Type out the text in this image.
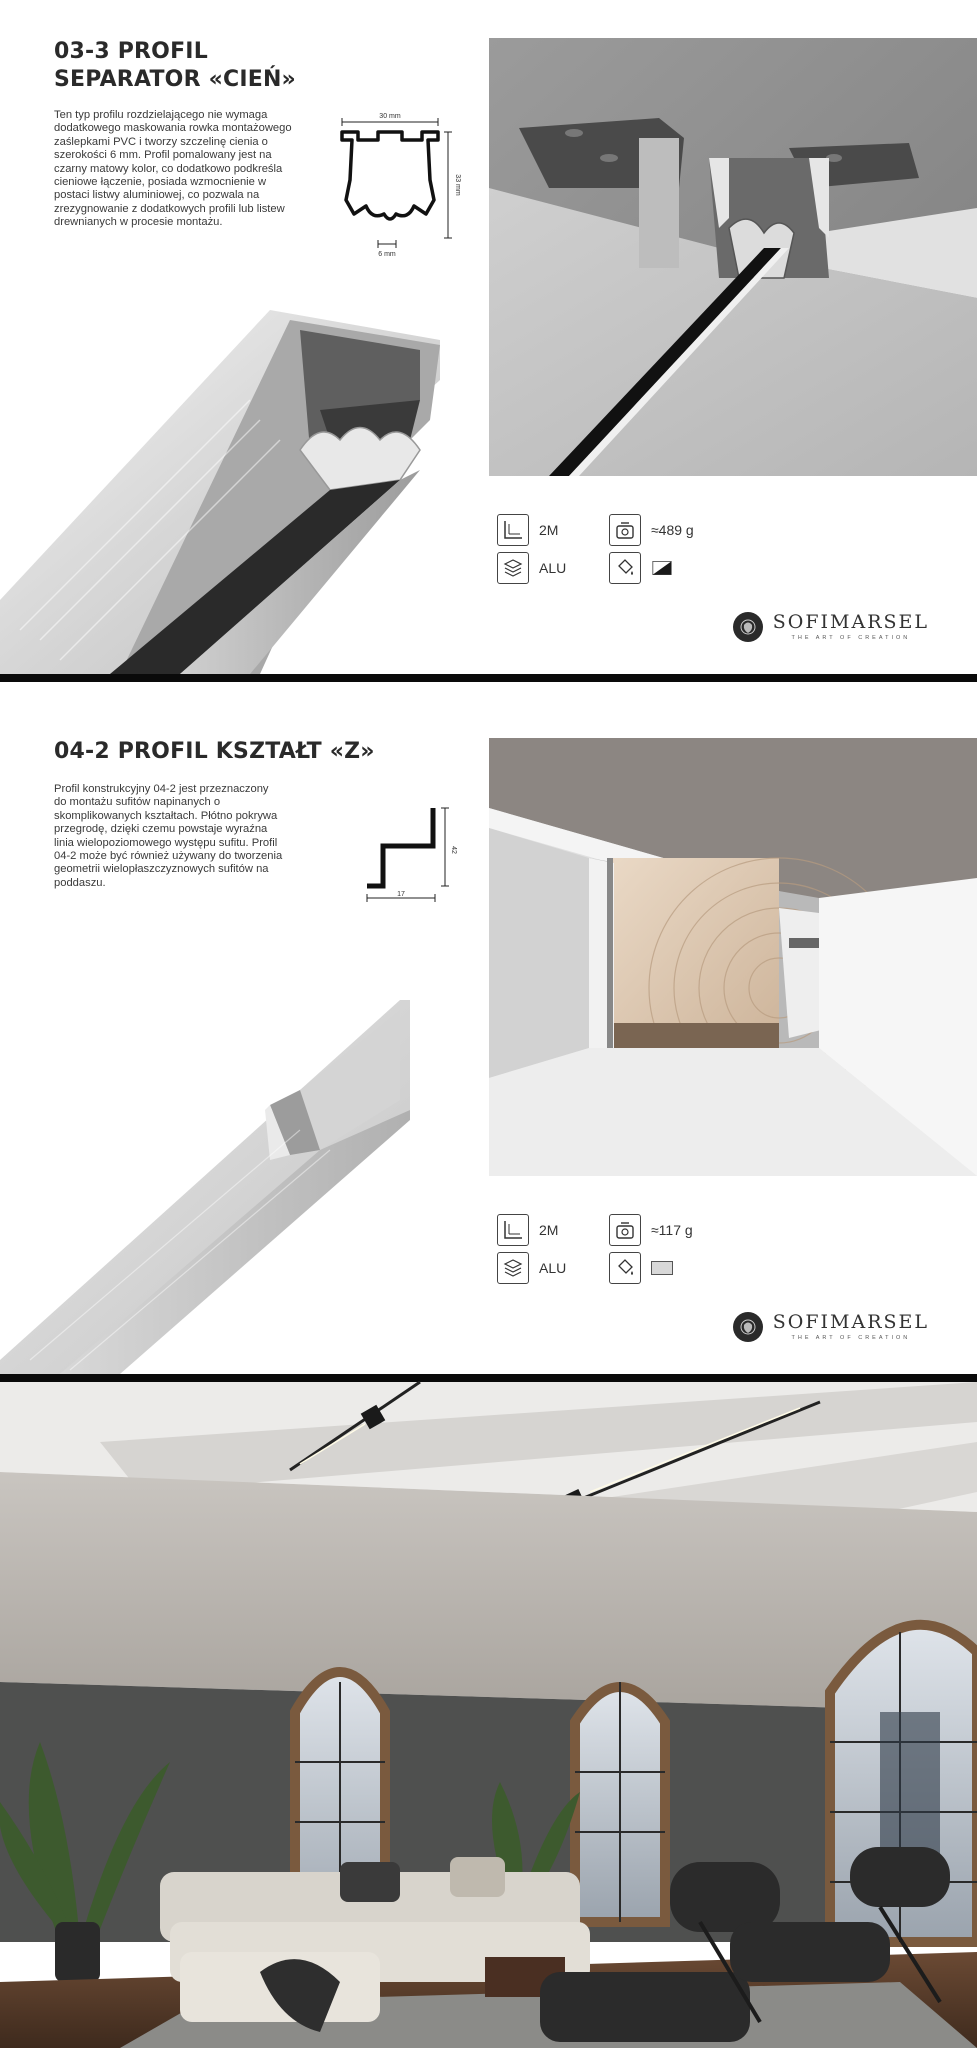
03-3 PROFIL
SEPARATOR «CIEŃ»

Ten typ profilu rozdzielającego nie wymaga dodatkowego maskowania rowka montażowego zaślepkami PVC i tworzy szczelinę cienia o szerokości 6 mm. Profil pomalowany jest na czarny matowy kolor, co dodatkowo podkreśla cieniowe łączenie, posiada wzmocnienie w postaci listwy aluminiowej, co pozwala na zrezygnowanie z dodatkowych profili lub listew drewnianych w procesie montażu.

30 mm
33 mm
6 mm
2M	≈489 g
ALU
SOFIMARSEL
THE ART OF CREATION
04-2 PROFIL KSZTAŁT «Z»

Profil konstrukcyjny 04-2 jest przeznaczony do montażu sufitów napinanych o skomplikowanych kształtach. Płótno pokrywa przegrodę, dzięki czemu powstaje wyraźna linia wielopoziomowego występu sufitu. Profil 04-2 może być również używany do tworzenia geometrii wielopłaszczyznowych sufitów na poddaszu.

42
17
2M	≈117 g
ALU
SOFIMARSEL
THE ART OF CREATION
